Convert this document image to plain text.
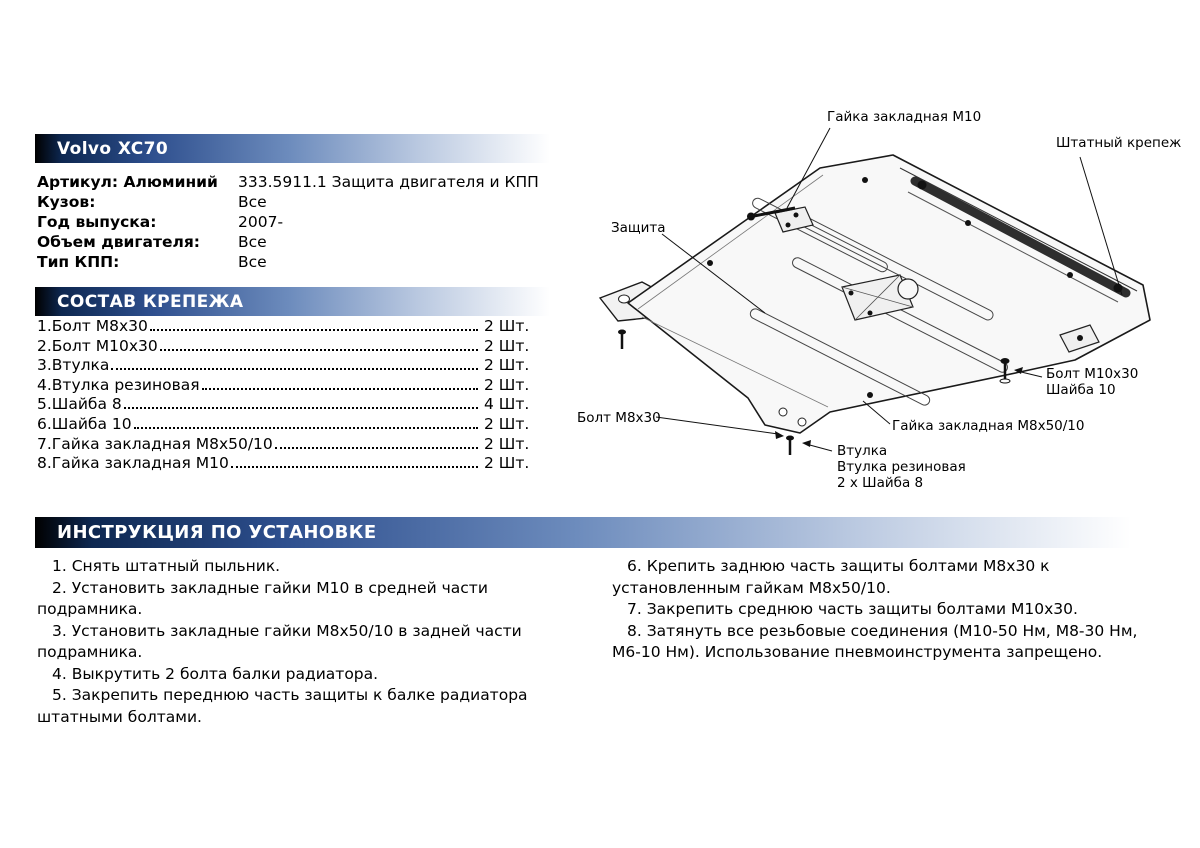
Volvo XC70
Артикул: Алюминий	333.5911.1 Защита двигателя и КПП
Кузов:	Все
Год выпуска:	2007-
Объем двигателя:	Все
Тип КПП:	Все
СОСТАВ КРЕПЕЖА
1.Болт М8х30	2 Шт.
2.Болт М10х30	2 Шт.
3.Втулка	2 Шт.
4.Втулка резиновая	2 Шт.
5.Шайба 8	4 Шт.
6.Шайба 10	2 Шт.
7.Гайка закладная М8х50/10	2 Шт.
8.Гайка закладная М10	2 Шт.
ИНСТРУКЦИЯ ПО УСТАНОВКЕ

1. Снять штатный пыльник.

2. Установить закладные гайки М10 в средней части подрамника.

3. Установить закладные гайки М8х50/10 в задней части подрамника.

4. Выкрутить 2 болта балки радиатора.

5. Закрепить переднюю часть защиты к балке радиатора штатными болтами.

6. Крепить заднюю часть защиты болтами М8х30 к установленным гайкам М8х50/10.

7. Закрепить среднюю часть защиты болтами М10х30.

8. Затянуть все резьбовые соединения (М10-50 Нм, М8-30 Нм, М6-10 Нм). Использование пневмоинструмента запрещено.

Гайка закладная М10
Штатный крепеж
Защита
Болт М10х30
Шайба 10
Гайка закладная М8х50/10
Болт М8х30
Втулка
Втулка резиновая
2 х Шайба 8
